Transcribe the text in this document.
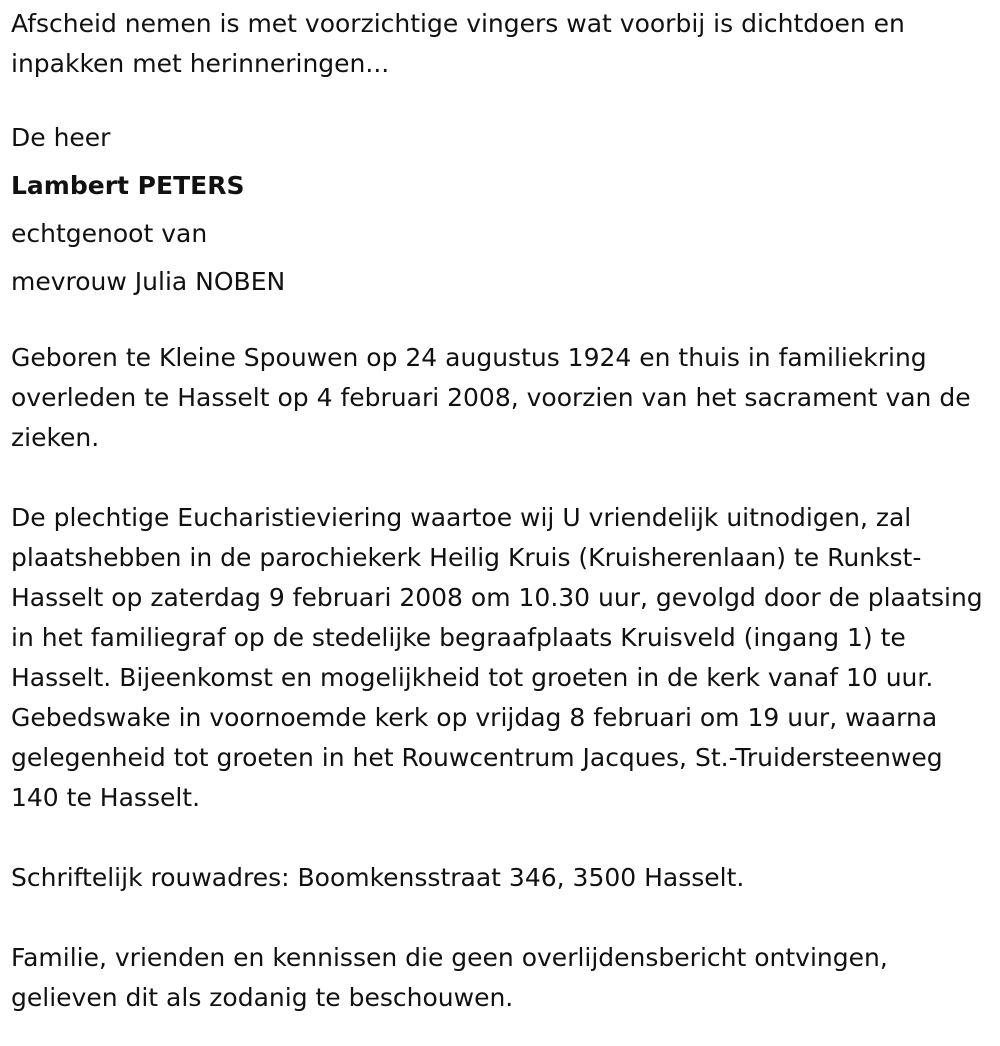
Afscheid nemen is met voorzichtige vingers wat voorbij is dichtdoen en inpakken met herinneringen...

De heer
Lambert PETERS
echtgenoot van
mevrouw Julia NOBEN

Geboren te Kleine Spouwen op 24 augustus 1924 en thuis in familiekring overleden te Hasselt op 4 februari 2008, voorzien van het sacrament van de zieken.

De plechtige Eucharistieviering waartoe wij U vriendelijk uitnodigen, zal plaatshebben in de parochiekerk Heilig Kruis (Kruisherenlaan) te Runkst-Hasselt op zaterdag 9 februari 2008 om 10.30 uur, gevolgd door de plaatsing in het familiegraf op de stedelijke begraafplaats Kruisveld (ingang 1) te Hasselt. Bijeenkomst en mogelijkheid tot groeten in de kerk vanaf 10 uur. Gebedswake in voornoemde kerk op vrijdag 8 februari om 19 uur, waarna gelegenheid tot groeten in het Rouwcentrum Jacques, St.-Truidersteenweg 140 te Hasselt.

Schriftelijk rouwadres: Boomkensstraat 346, 3500 Hasselt.

Familie, vrienden en kennissen die geen overlijdensbericht ontvingen, gelieven dit als zodanig te beschouwen.
